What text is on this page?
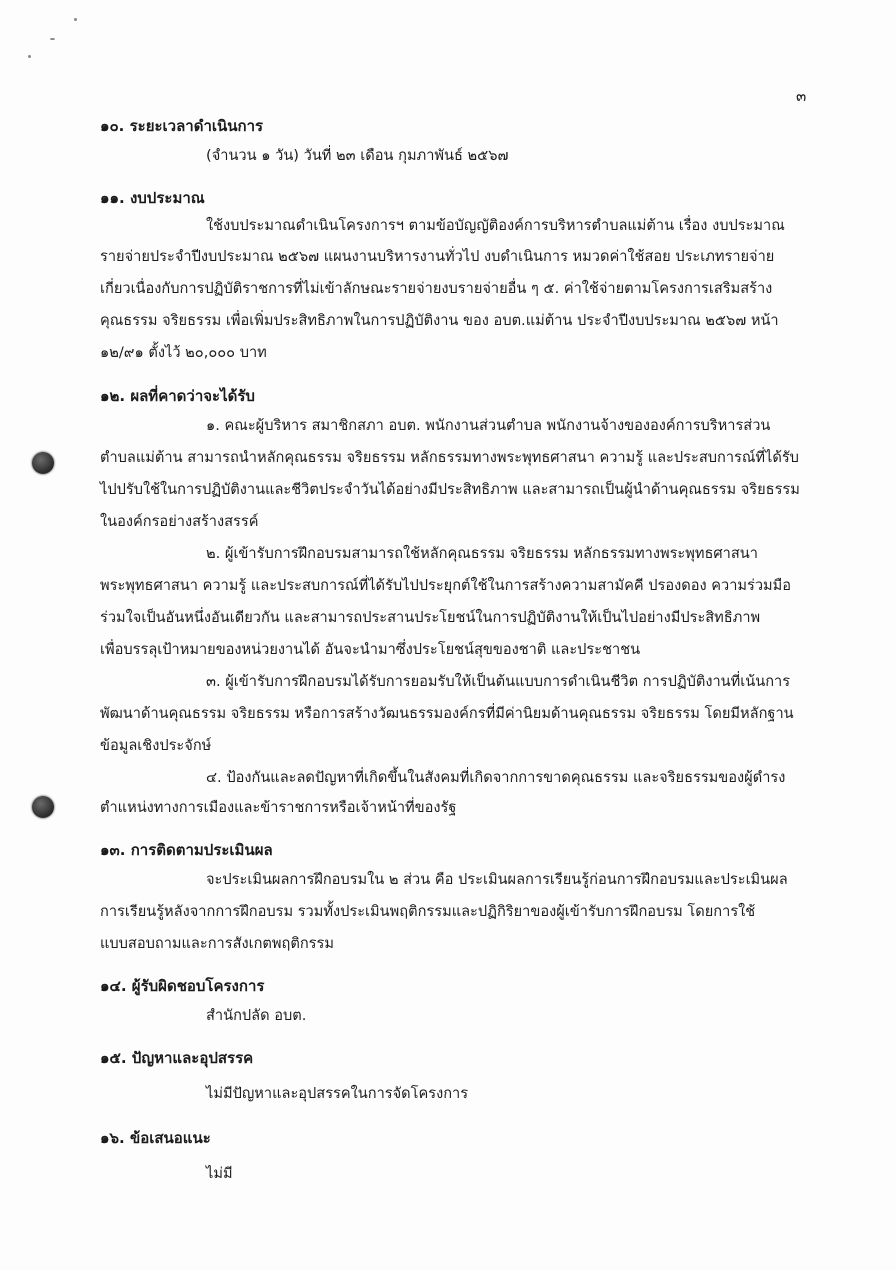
๓
๑๐. ระยะเวลาดำเนินการ
(จำนวน ๑ วัน) วันที่ ๒๓ เดือน กุมภาพันธ์ ๒๕๖๗
๑๑. งบประมาณ
ใช้งบประมาณดำเนินโครงการฯ ตามข้อบัญญัติองค์การบริหารตำบลแม่ต้าน เรื่อง งบประมาณ
รายจ่ายประจำปีงบประมาณ ๒๕๖๗ แผนงานบริหารงานทั่วไป งบดำเนินการ หมวดค่าใช้สอย ประเภทรายจ่าย
เกี่ยวเนื่องกับการปฏิบัติราชการที่ไม่เข้าลักษณะรายจ่ายงบรายจ่ายอื่น ๆ ๕. ค่าใช้จ่ายตามโครงการเสริมสร้าง
คุณธรรม จริยธรรม เพื่อเพิ่มประสิทธิภาพในการปฏิบัติงาน ของ อบต.แม่ต้าน ประจำปีงบประมาณ ๒๕๖๗ หน้า
๑๒/๙๑ ตั้งไว้ ๒๐,๐๐๐ บาท
๑๒. ผลที่คาดว่าจะได้รับ
๑. คณะผู้บริหาร สมาชิกสภา อบต. พนักงานส่วนตำบล พนักงานจ้างขององค์การบริหารส่วน
ตำบลแม่ต้าน สามารถนำหลักคุณธรรม จริยธรรม หลักธรรมทางพระพุทธศาสนา ความรู้ และประสบการณ์ที่ได้รับ
ไปปรับใช้ในการปฏิบัติงานและชีวิตประจำวันได้อย่างมีประสิทธิภาพ และสามารถเป็นผู้นำด้านคุณธรรม จริยธรรม
ในองค์กรอย่างสร้างสรรค์
๒. ผู้เข้ารับการฝึกอบรมสามารถใช้หลักคุณธรรม จริยธรรม หลักธรรมทางพระพุทธศาสนา
พระพุทธศาสนา ความรู้ และประสบการณ์ที่ได้รับไปประยุกต์ใช้ในการสร้างความสามัคคี ปรองดอง ความร่วมมือ
ร่วมใจเป็นอันหนึ่งอันเดียวกัน และสามารถประสานประโยชน์ในการปฏิบัติงานให้เป็นไปอย่างมีประสิทธิภาพ
เพื่อบรรลุเป้าหมายของหน่วยงานได้ อันจะนำมาซึ่งประโยชน์สุขของชาติ และประชาชน
๓. ผู้เข้ารับการฝึกอบรมได้รับการยอมรับให้เป็นต้นแบบการดำเนินชีวิต การปฏิบัติงานที่เน้นการ
พัฒนาด้านคุณธรรม จริยธรรม หรือการสร้างวัฒนธรรมองค์กรที่มีค่านิยมด้านคุณธรรม จริยธรรม โดยมีหลักฐาน
ข้อมูลเชิงประจักษ์
๔. ป้องกันและลดปัญหาที่เกิดขึ้นในสังคมที่เกิดจากการขาดคุณธรรม และจริยธรรมของผู้ดำรง
ตำแหน่งทางการเมืองและข้าราชการหรือเจ้าหน้าที่ของรัฐ
๑๓. การติดตามประเมินผล
จะประเมินผลการฝึกอบรมใน ๒ ส่วน คือ ประเมินผลการเรียนรู้ก่อนการฝึกอบรมและประเมินผล
การเรียนรู้หลังจากการฝึกอบรม รวมทั้งประเมินพฤติกรรมและปฏิกิริยาของผู้เข้ารับการฝึกอบรม โดยการใช้
แบบสอบถามและการสังเกตพฤติกรรม
๑๔. ผู้รับผิดชอบโครงการ
สำนักปลัด อบต.
๑๕. ปัญหาและอุปสรรค
ไม่มีปัญหาและอุปสรรคในการจัดโครงการ
๑๖. ข้อเสนอแนะ
ไม่มี
